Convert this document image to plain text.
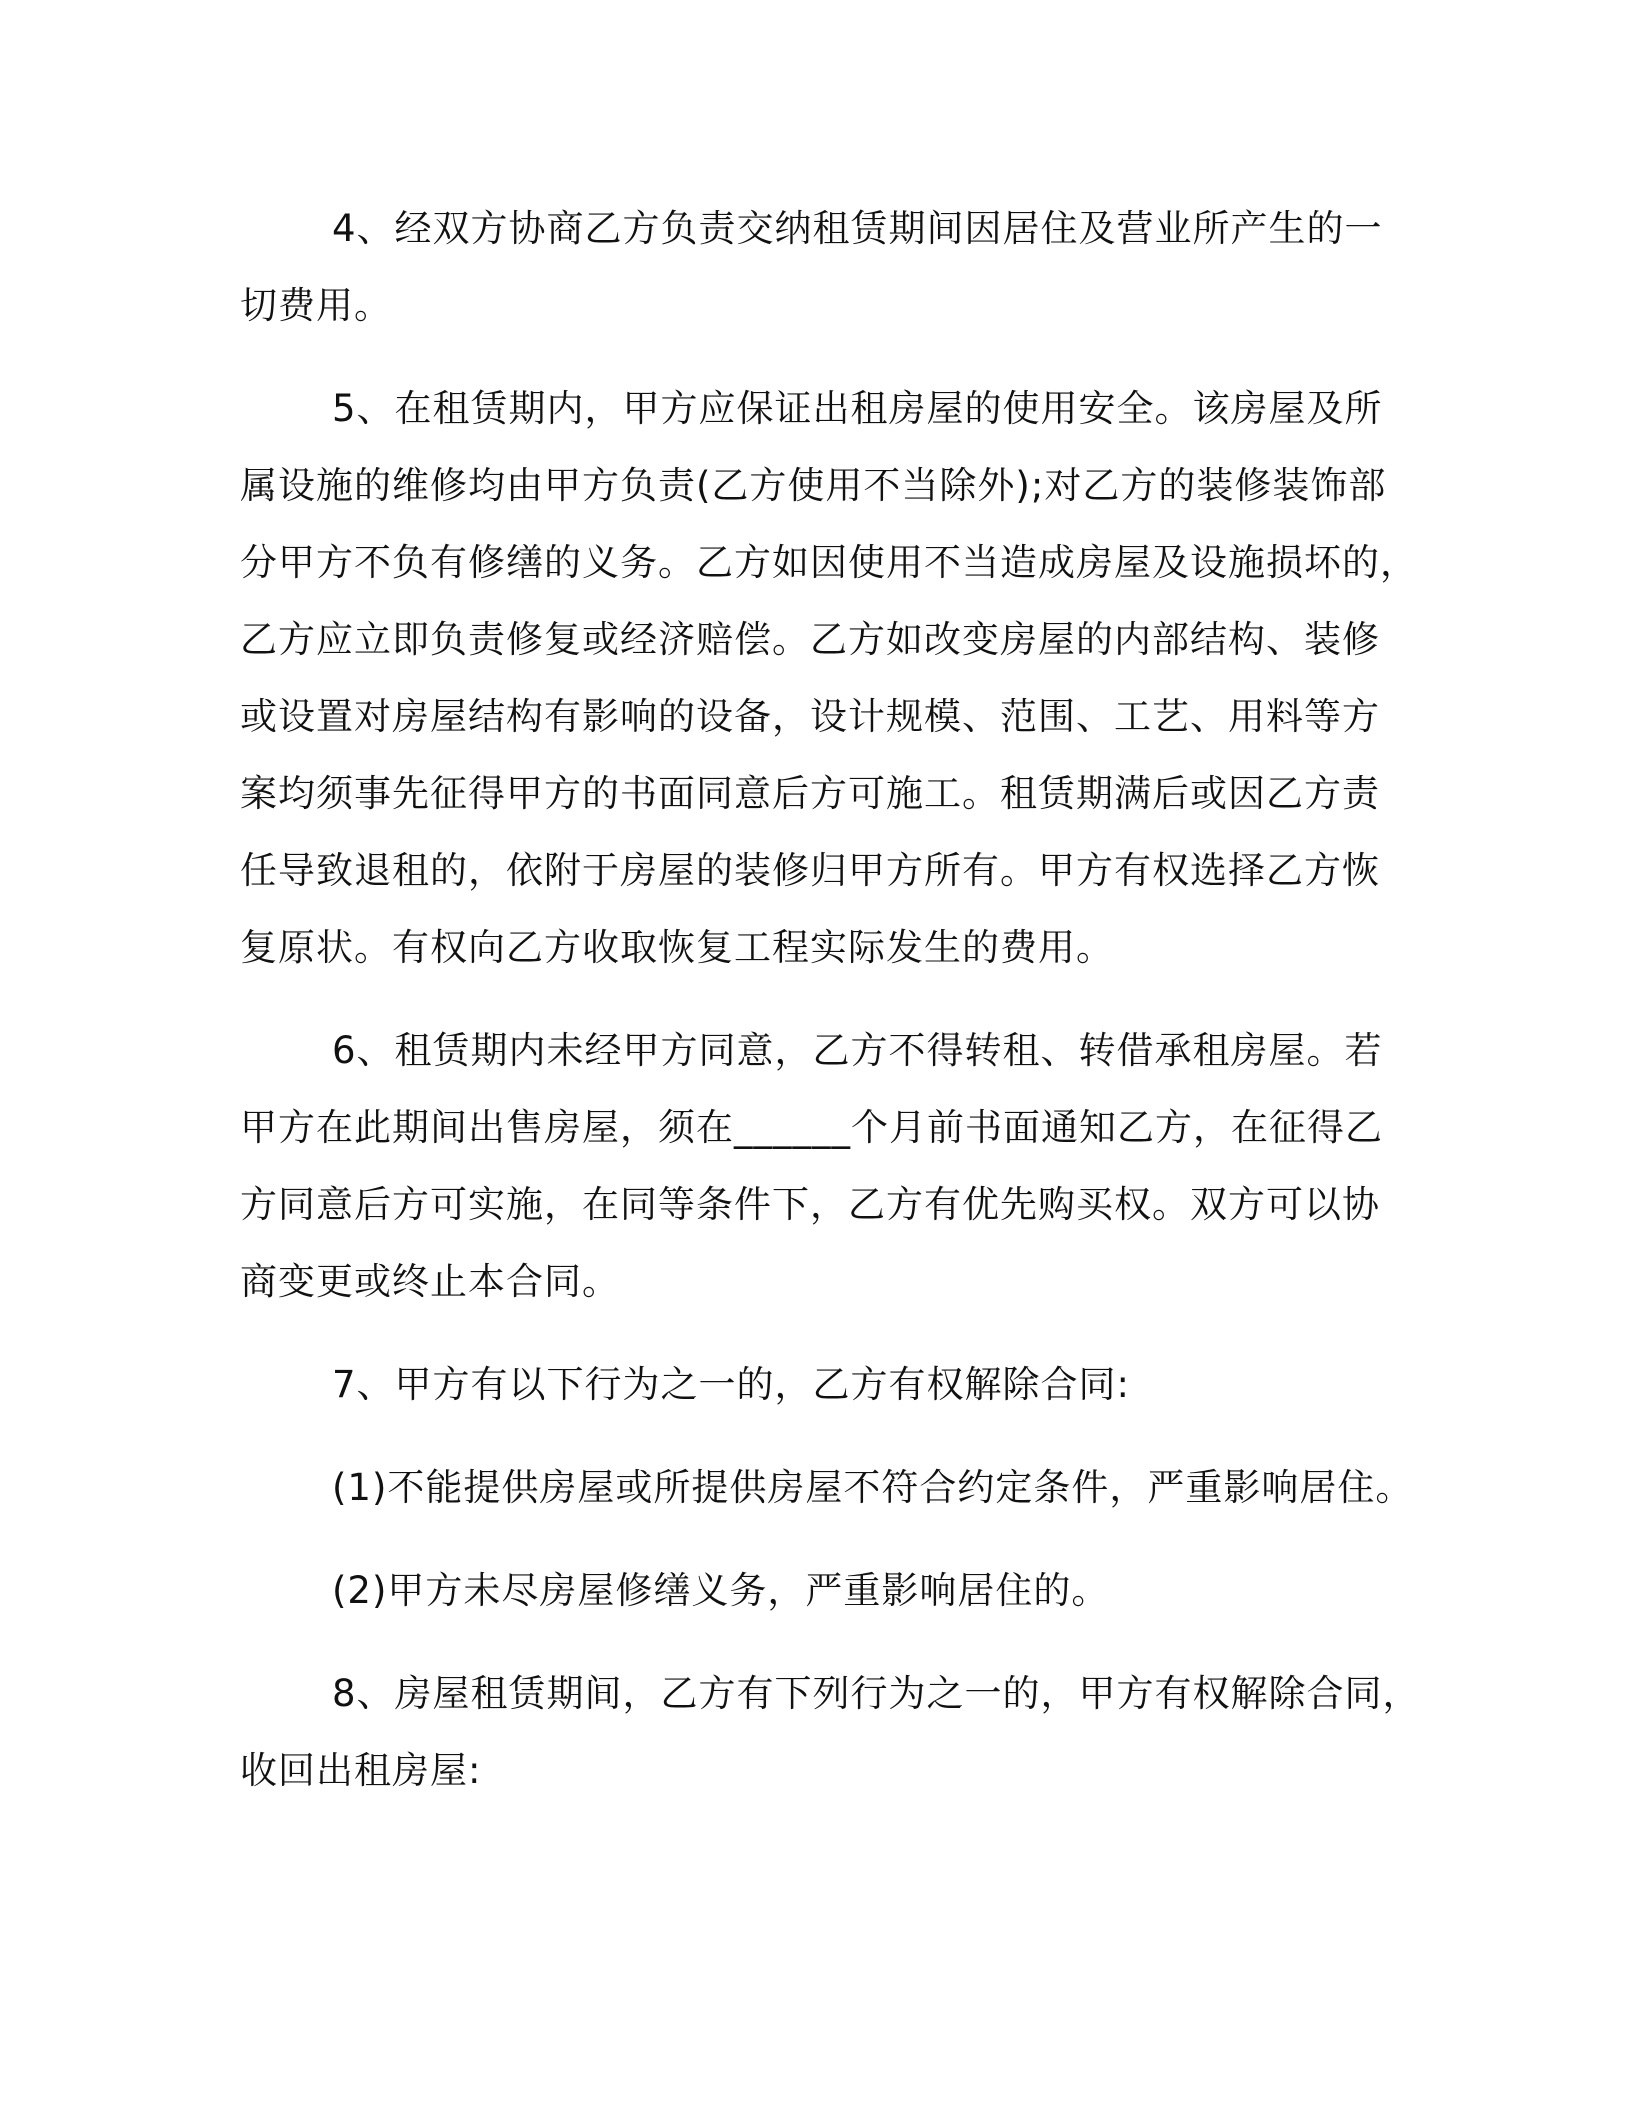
4、经双方协商乙方负责交纳租赁期间因居住及营业所产生的一
切费用。
5、在租赁期内，甲方应保证出租房屋的使用安全。该房屋及所
属设施的维修均由甲方负责(乙方使用不当除外);对乙方的装修装饰部
分甲方不负有修缮的义务。乙方如因使用不当造成房屋及设施损坏的，
乙方应立即负责修复或经济赔偿。乙方如改变房屋的内部结构、装修
或设置对房屋结构有影响的设备，设计规模、范围、工艺、用料等方
案均须事先征得甲方的书面同意后方可施工。租赁期满后或因乙方责
任导致退租的，依附于房屋的装修归甲方所有。甲方有权选择乙方恢
复原状。有权向乙方收取恢复工程实际发生的费用。
6、租赁期内未经甲方同意，乙方不得转租、转借承租房屋。若
甲方在此期间出售房屋，须在______个月前书面通知乙方，在征得乙
方同意后方可实施，在同等条件下，乙方有优先购买权。双方可以协
商变更或终止本合同。
7、甲方有以下行为之一的，乙方有权解除合同:
(1)不能提供房屋或所提供房屋不符合约定条件，严重影响居住。
(2)甲方未尽房屋修缮义务，严重影响居住的。
8、房屋租赁期间，乙方有下列行为之一的，甲方有权解除合同，
收回出租房屋:
